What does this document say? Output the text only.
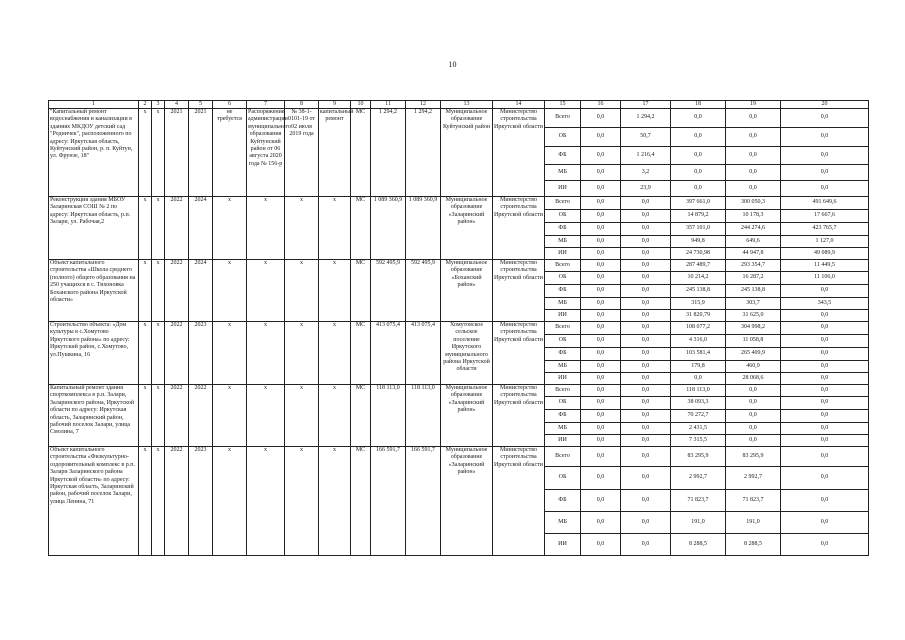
10
1	2	3	4	5	6	7	8	9	10	11	12	13	14	15	16	17	18	19	20
"Капитальный ремонт водоснабжения и канализации в зданиях МКДОУ детский сад "Родничек", расположенного по адресу: Иркутская область, Куйтунский район, р. п. Куйтун, ул. Фрунзе, 18"	х	х	2021	2021	не требуется	Распоряжение администрации муниципального образования Куйтунский район от 06 августа 2020 года № 156-р	№ 38-1-0101-19 от 02 июля 2019 года	капитальный ремонт	МС	1 294,2	1 294,2	Муниципальное образование Куйтунский район	Министерство строительства Иркутской области	Всего	0,0	1 294,2	0,0	0,0	0,0
														ОБ	0,0	50,7	0,0	0,0	0,0
														ФБ	0,0	1 216,4	0,0	0,0	0,0
														МБ	0,0	3,2	0,0	0,0	0,0
														ИИ	0,0	23,9	0,0	0,0	0,0
Реконструкция здания МБОУ Заларинская СОШ № 2 по адресу: Иркутская область, р.п. Залари, ул. Рабочая,2	х	х	2022	2024	х	х	х	х	МС	1 089 360,9	1 089 360,9	Муниципальное образование «Заларинский район»	Министерство строительства Иркутской области	Всего	0,0	0,0	397 661,0	300 050,3	491 649,6
														ОБ	0,0	0,0	14 879,2	10 178,3	17 667,6
														ФБ	0,0	0,0	357 101,0	244 274,6	423 765,7
														МБ	0,0	0,0	949,8	649,6	1 127,0
														ИИ	0,0	0,0	24 730,98	44 947,8	49 089,9
Объект капитального строительства «Школа среднего (полного) общего образования на 250 учащихся в с. Тихоновка Боханского района Иркутской области»	х	х	2022	2024	х	х	х	х	МС	592 495,9	592 495,9	Муниципальное образование «Боханский район»	Министерство строительства Иркутской области	Всего	0,0	0,0	287 489,7	293 354,7	11 449,5
														ОБ	0,0	0,0	10 214,2	16 287,2	11 106,0
														ФБ	0,0	0,0	245 138,8	245 138,8	0,0
														МБ	0,0	0,0	315,9	303,7	343,5
														ИИ	0,0	0,0	31 820,79	31 625,0	0,0
Строительство объекта: «Дом культуры в с.Хомутово Иркутского района» по адресу: Иркутский район, с.Хомутово, ул.Пушкина, 16	х	х	2022	2023	х	х	х	х	МС	413 075,4	413 075,4	Хомутовское сельское поселение Иркутского муниципального района Иркутской области	Министерство строительства Иркутской области	Всего	0,0	0,0	108 077,2	304 998,2	0,0
														ОБ	0,0	0,0	4 316,0	11 058,8	0,0
														ФБ	0,0	0,0	103 581,4	265 409,9	0,0
														МБ	0,0	0,0	179,8	460,9	0,0
														ИИ	0,0	0,0	0,0	28 068,6	0,0
Капитальный ремонт здания спорткомплекса в р.п. Залари, Заларинского района, Иркутской области по адресу: Иркутская область, Заларинский район, рабочий поселок Залари, улица Смолина, 7	х	х	2022	2022	х	х	х	х	МС	118 113,0	118 113,0	Муниципальное образование «Заларинский район»	Министерство строительства Иркутской области	Всего	0,0	0,0	118 113,0	0,0	0,0
														ОБ	0,0	0,0	38 093,3	0,0	0,0
														ФБ	0,0	0,0	70 272,7	0,0	0,0
														МБ	0,0	0,0	2 431,5	0,0	0,0
														ИИ	0,0	0,0	7 315,5	0,0	0,0
Объект капитального строительства «Физкультурно-оздоровительный комплекс в р.п. Залари Заларинского района Иркутской области» по адресу: Иркутская область, Заларинский район, рабочий поселок Залари, улица Ленина, 71	х	х	2022	2023	х	х	х	х	МС	166 591,7	166 591,7	Муниципальное образование «Заларинский район»	Министерство строительства Иркутской области	Всего	0,0	0,0	83 295,9	83 295,9	0,0
														ОБ	0,0	0,0	2 992,7	2 992,7	0,0
														ФБ	0,0	0,0	71 823,7	71 823,7	0,0
														МБ	0,0	0,0	191,0	191,0	0,0
														ИИ	0,0	0,0	8 288,5	8 288,5	0,0
